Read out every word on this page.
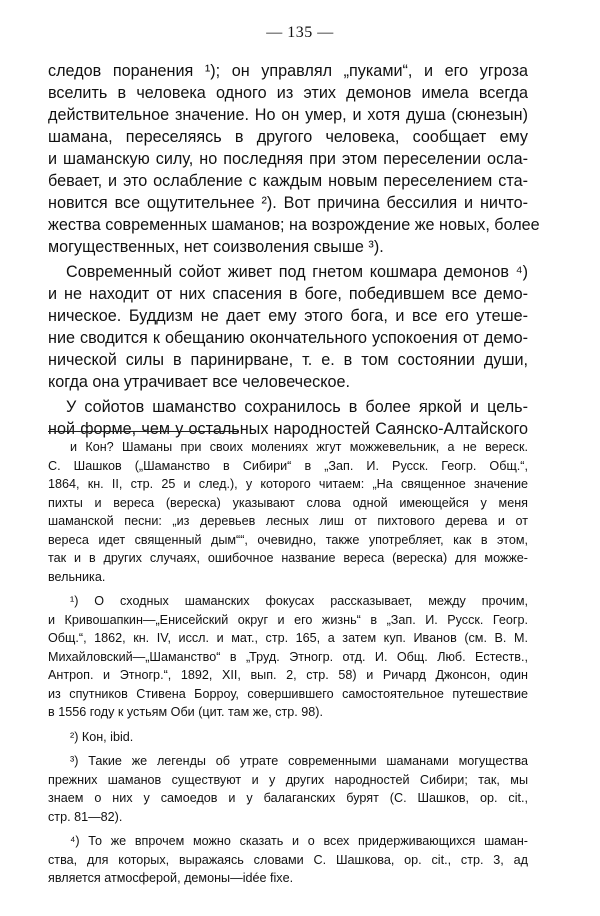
— 135 —
следов поранения ¹); он управлял „пуками“, и его угроза
вселить в человека одного из этих демонов имела всегда
действительное значение. Но он умер, и хотя душа (сюнезын)
шамана, переселяясь в другого человека, сообщает ему
и шаманскую силу, но последняя при этом переселении осла-
бевает, и это ослабление с каждым новым переселением ста-
новится все ощутительнее ²). Вот причина бессилия и ничто-
жества современных шаманов; на возрождение же новых, более
могущественных, нет соизволения свыше ³).
Современный сойот живет под гнетом кошмара демонов ⁴)
и не находит от них спасения в боге, победившем все демо-
ническое. Буддизм не дает ему этого бога, и все его утеше-
ние сводится к обещанию окончательного успокоения от демо-
нической силы в паринирване, т. е. в том состоянии души,
когда она утрачивает все человеческое.
У сойотов шаманство сохранилось в более яркой и цель-
ной форме, чем у остальных народностей Саянско-Алтайского
и Кон? Шаманы при своих молениях жгут можжевельник, а не вереск.
С. Шашков („Шаманство в Сибири“ в „Зап. И. Русск. Геогр. Общ.“,
1864, кн. II, стр. 25 и след.), у которого читаем: „На священное значение
пихты и вереса (вереска) указывают слова одной имеющейся у меня
шаманской песни: „из деревьев лесных лиш от пихтового дерева и от
вереса идет священный дым““, очевидно, также употребляет, как в этом,
так и в других случаях, ошибочное название вереса (вереска) для можже-
вельника.
¹) О сходных шаманских фокусах рассказывает, между прочим,
и Кривошапкин—„Енисейский округ и его жизнь“ в „Зап. И. Русск. Геогр.
Общ.“, 1862, кн. IV, иссл. и мат., стр. 165, а затем куп. Иванов (см. В. М.
Михайловский—„Шаманство“ в „Труд. Этногр. отд. И. Общ. Люб. Естеств.,
Антроп. и Этногр.“, 1892, XII, вып. 2, стр. 58) и Ричард Джонсон, один
из спутников Стивена Борроу, совершившего самостоятельное путешествие
в 1556 году к устьям Оби (цит. там же, стр. 98).
²) Кон, ibid.
³) Такие же легенды об утрате современными шаманами могущества
прежних шаманов существуют и у других народностей Сибири; так, мы
знаем о них у самоедов и у балаганских бурят (С. Шашков, op. cit.,
стр. 81—82).
⁴) То же впрочем можно сказать и о всех придерживающихся шаман-
ства, для которых, выражаясь словами С. Шашкова, op. cit., стр. 3, ад
является атмосферой, демоны—idée fixe.
